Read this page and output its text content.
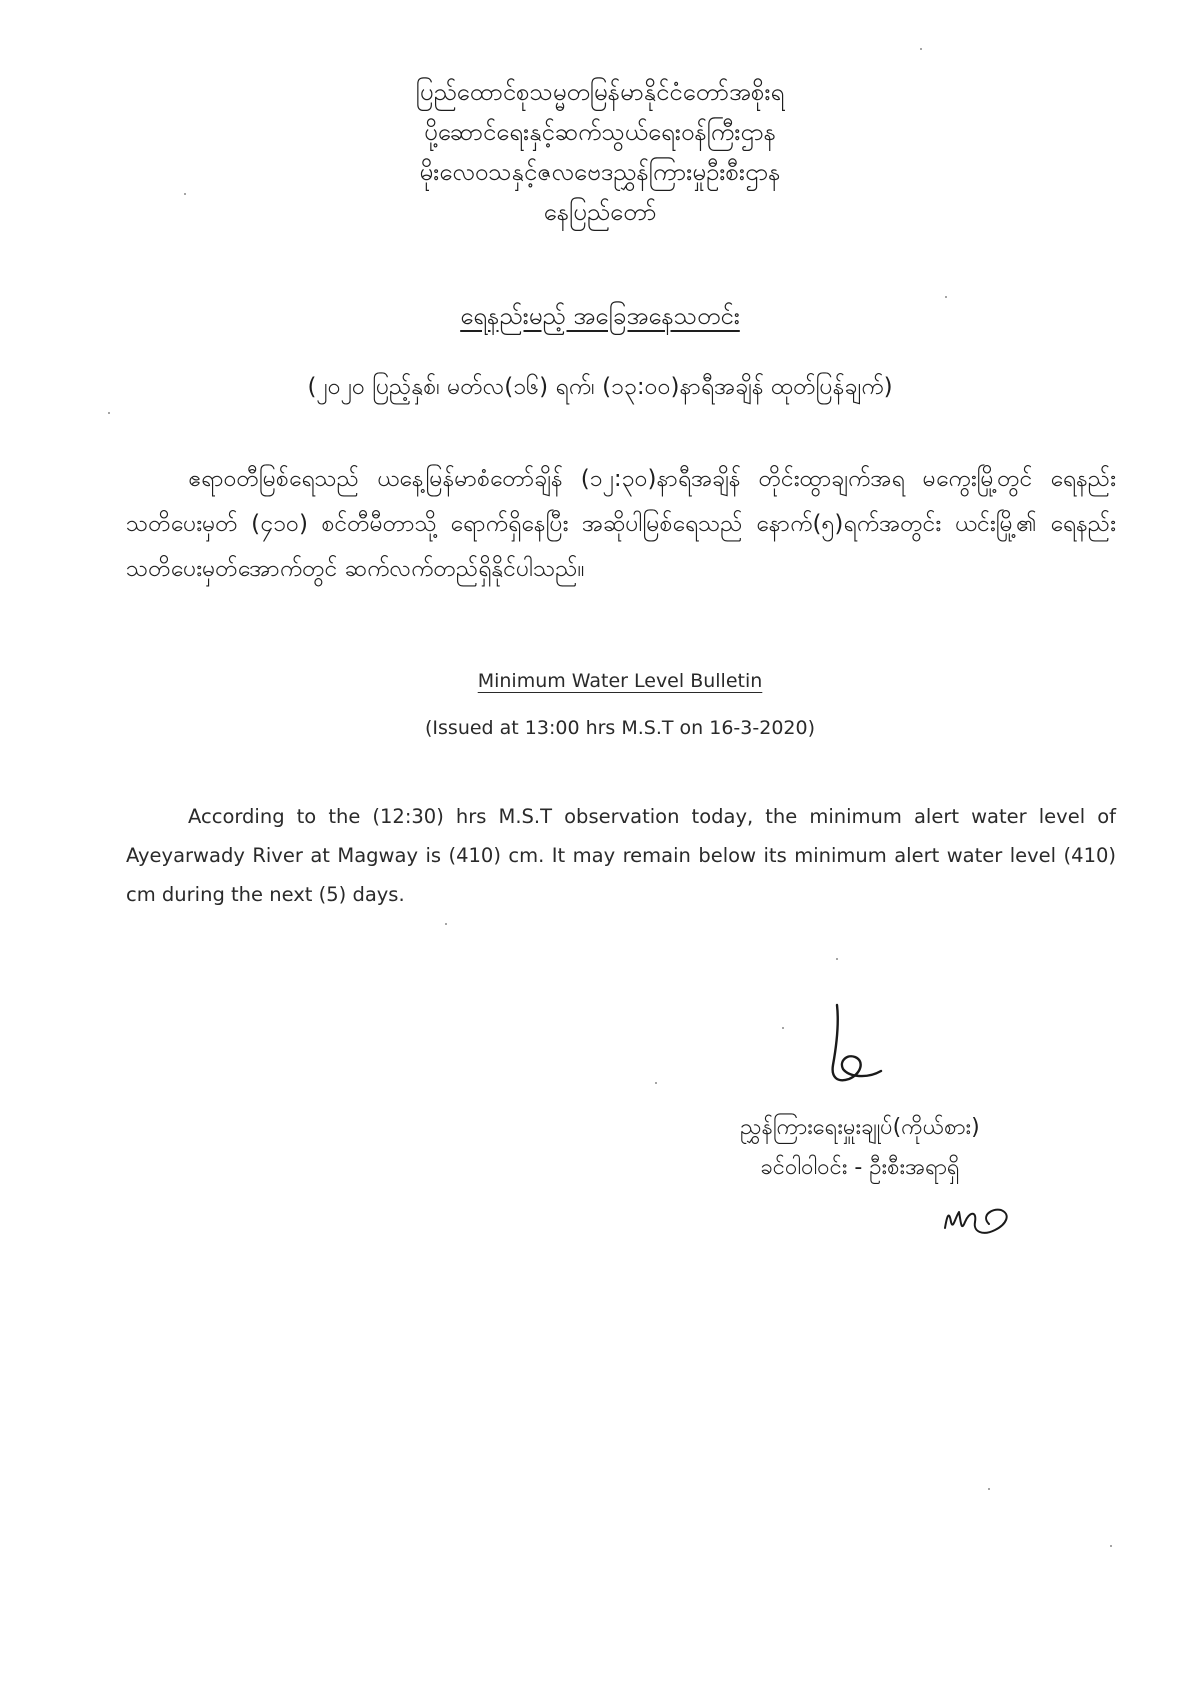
ပြည်ထောင်စုသမ္မတမြန်မာနိုင်ငံတော်အစိုးရ
ပို့ဆောင်ရေးနှင့်ဆက်သွယ်ရေးဝန်ကြီးဌာန
မိုးလေဝသနှင့်ဇလဗေဒညွှန်ကြားမှုဦးစီးဌာန
နေပြည်တော်
ရေနည်းမည့် အခြေအနေသတင်း
(၂၀၂၀ ပြည့်နှစ်၊ မတ်လ(၁၆) ရက်၊ (၁၃:၀၀)နာရီအချိန် ထုတ်ပြန်ချက်)
ဧရာဝတီမြစ်ရေသည် ယနေ့မြန်မာစံတော်ချိန် (၁၂:၃၀)နာရီအချိန် တိုင်းထွာချက်အရ မကွေးမြို့တွင် ရေနည်းသတိပေးမှတ် (၄၁၀) စင်တီမီတာသို့ ရောက်ရှိနေပြီး အဆိုပါမြစ်ရေသည် နောက်(၅)ရက်အတွင်း ယင်းမြို့၏ ရေနည်းသတိပေးမှတ်အောက်တွင် ဆက်လက်တည်ရှိနိုင်ပါသည်။
Minimum Water Level Bulletin
(Issued at 13:00 hrs M.S.T on 16-3-2020)
According to the (12:30) hrs M.S.T observation today, the minimum alert water level of Ayeyarwady River at Magway is (410) cm. It may remain below its minimum alert water level (410) cm during the next (5) days.
ညွှန်ကြားရေးမှူးချုပ်(ကိုယ်စား)
ခင်ဝါဝါဝင်း - ဦးစီးအရာရှိ
